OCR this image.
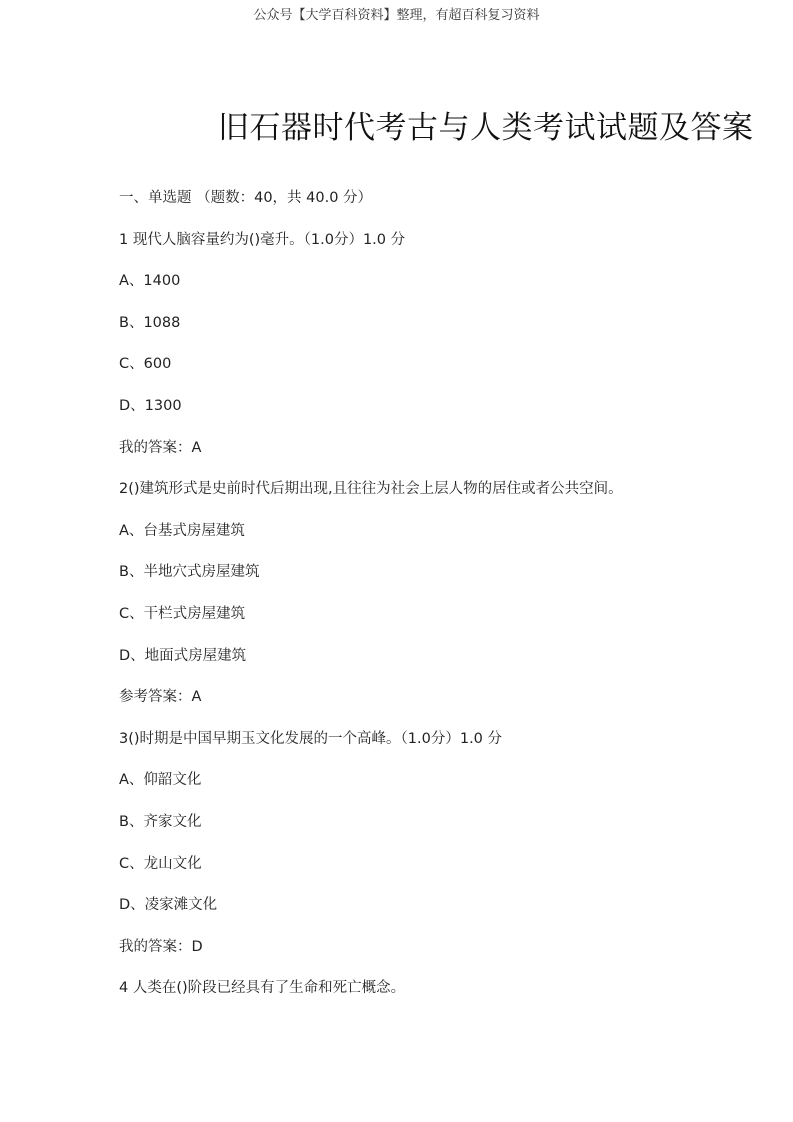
公众号【大学百科资料】整理，有超百科复习资料
旧石器时代考古与人类考试试题及答案
一、单选题 （题数：40，共 40.0 分）
1 现代人脑容量约为()毫升。（1.0分）1.0 分
A、1400
B、1088
C、600
D、1300
我的答案：A
2()建筑形式是史前时代后期出现,且往往为社会上层人物的居住或者公共空间。
A、台基式房屋建筑
B、半地穴式房屋建筑
C、干栏式房屋建筑
D、地面式房屋建筑
参考答案：A
3()时期是中国早期玉文化发展的一个高峰。（1.0分）1.0 分
A、仰韶文化
B、齐家文化
C、龙山文化
D、凌家滩文化
我的答案：D
4 人类在()阶段已经具有了生命和死亡概念。
